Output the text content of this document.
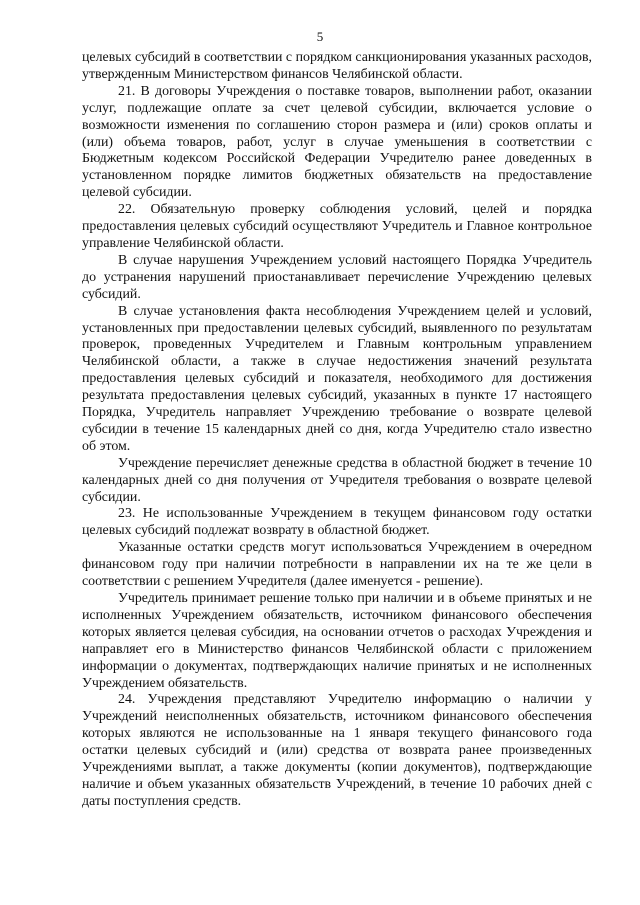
5

целевых субсидий в соответствии с порядком санкционирования указанных расходов, утвержденным Министерством финансов Челябинской области.

21. В договоры Учреждения о поставке товаров, выполнении работ, оказании услуг, подлежащие оплате за счет целевой субсидии, включается условие о возможности изменения по соглашению сторон размера и (или) сроков оплаты и (или) объема товаров, работ, услуг в случае уменьшения в соответствии с Бюджетным кодексом Российской Федерации Учредителю ранее доведенных в установленном порядке лимитов бюджетных обязательств на предоставление целевой субсидии.

22. Обязательную проверку соблюдения условий, целей и порядка предоставления целевых субсидий осуществляют Учредитель и Главное контрольное управление Челябинской области.

В случае нарушения Учреждением условий настоящего Порядка Учредитель до устранения нарушений приостанавливает перечисление Учреждению целевых субсидий.

В случае установления факта несоблюдения Учреждением целей и условий, установленных при предоставлении целевых субсидий, выявленного по результатам проверок, проведенных Учредителем и Главным контрольным управлением Челябинской области, а также в случае недостижения значений результата предоставления целевых субсидий и показателя, необходимого для достижения результата предоставления целевых субсидий, указанных в пункте 17 настоящего Порядка, Учредитель направляет Учреждению требование о возврате целевой субсидии в течение 15 календарных дней со дня, когда Учредителю стало известно об этом.

Учреждение перечисляет денежные средства в областной бюджет в течение 10 календарных дней со дня получения от Учредителя требования о возврате целевой субсидии.

23. Не использованные Учреждением в текущем финансовом году остатки целевых субсидий подлежат возврату в областной бюджет.

Указанные остатки средств могут использоваться Учреждением в очередном финансовом году при наличии потребности в направлении их на те же цели в соответствии с решением Учредителя (далее именуется - решение).

Учредитель принимает решение только при наличии и в объеме принятых и не исполненных Учреждением обязательств, источником финансового обеспечения которых является целевая субсидия, на основании отчетов о расходах Учреждения и направляет его в Министерство финансов Челябинской области с приложением информации о документах, подтверждающих наличие принятых и не исполненных Учреждением обязательств.

24. Учреждения представляют Учредителю информацию о наличии у Учреждений неисполненных обязательств, источником финансового обеспечения которых являются не использованные на 1 января текущего финансового года остатки целевых субсидий и (или) средства от возврата ранее произведенных Учреждениями выплат, а также документы (копии документов), подтверждающие наличие и объем указанных обязательств Учреждений, в течение 10 рабочих дней с даты поступления средств.
